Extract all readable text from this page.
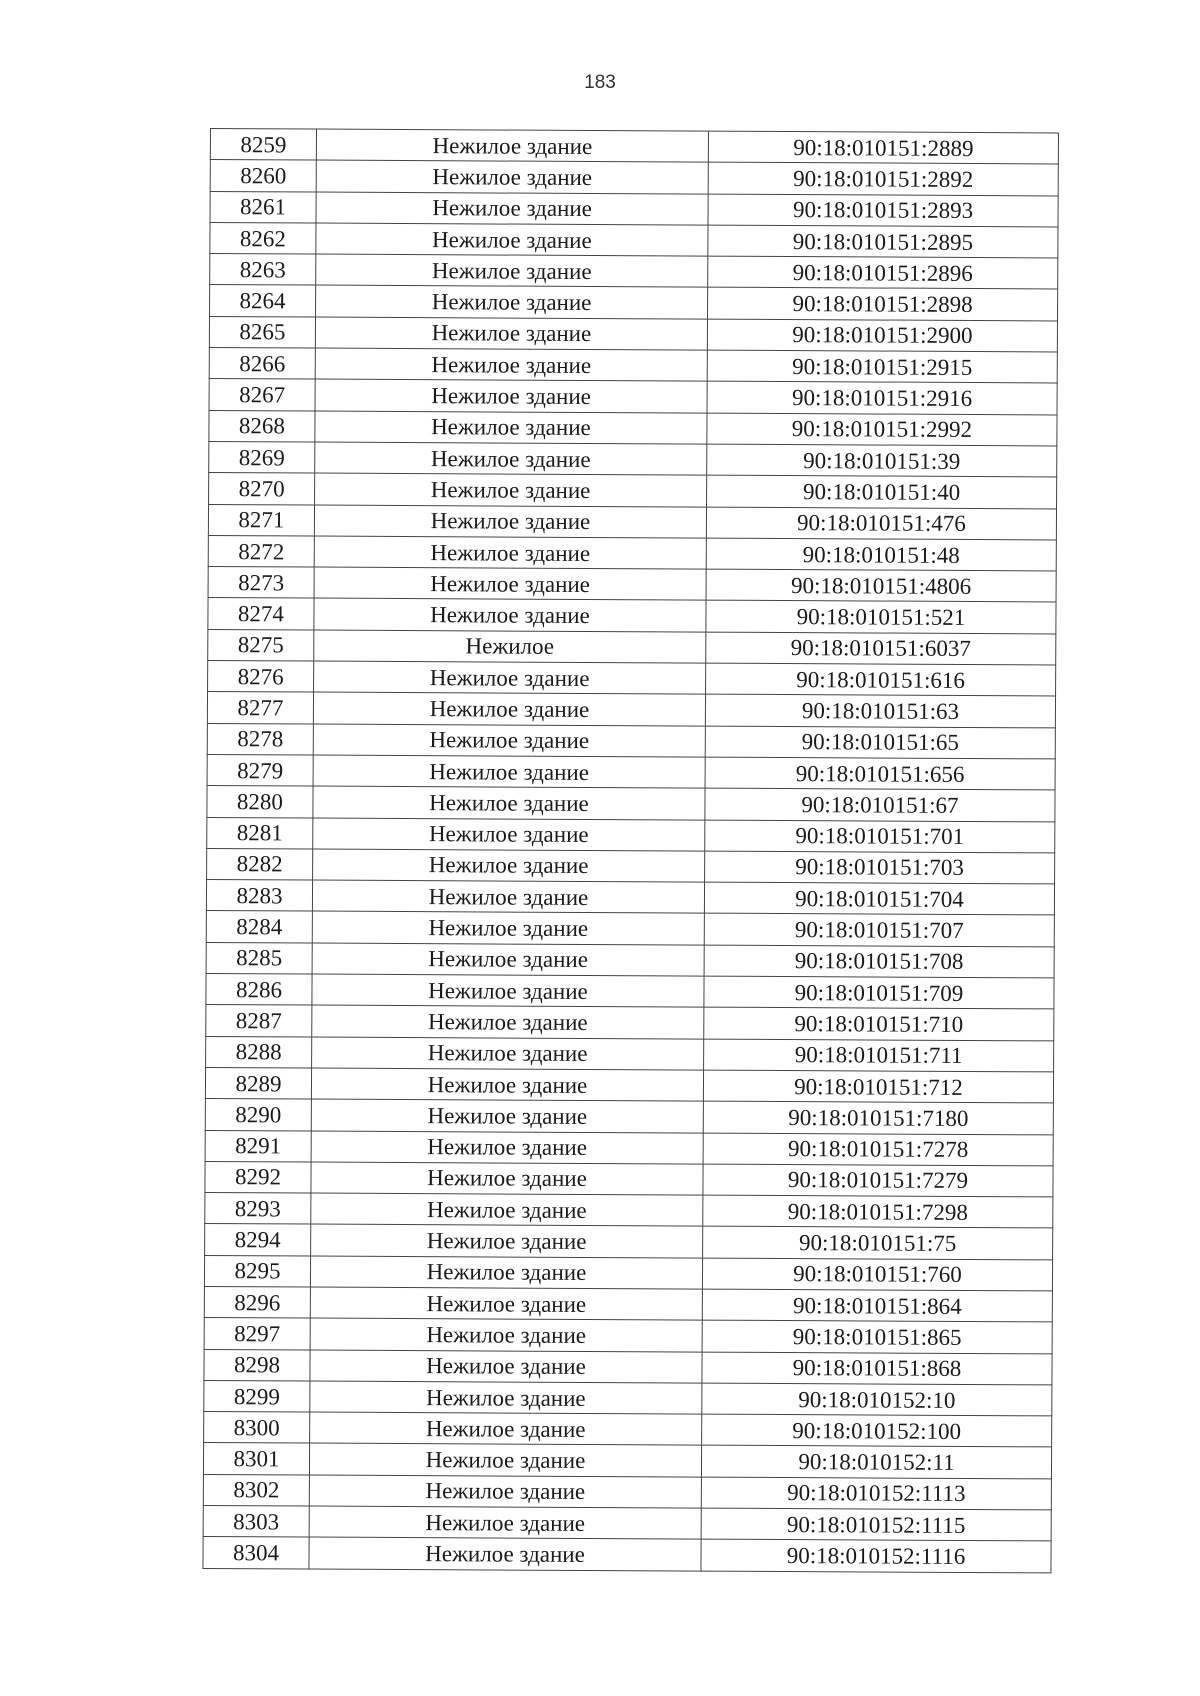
183
8259	Нежилое здание	90:18:010151:2889
8260	Нежилое здание	90:18:010151:2892
8261	Нежилое здание	90:18:010151:2893
8262	Нежилое здание	90:18:010151:2895
8263	Нежилое здание	90:18:010151:2896
8264	Нежилое здание	90:18:010151:2898
8265	Нежилое здание	90:18:010151:2900
8266	Нежилое здание	90:18:010151:2915
8267	Нежилое здание	90:18:010151:2916
8268	Нежилое здание	90:18:010151:2992
8269	Нежилое здание	90:18:010151:39
8270	Нежилое здание	90:18:010151:40
8271	Нежилое здание	90:18:010151:476
8272	Нежилое здание	90:18:010151:48
8273	Нежилое здание	90:18:010151:4806
8274	Нежилое здание	90:18:010151:521
8275	Нежилое	90:18:010151:6037
8276	Нежилое здание	90:18:010151:616
8277	Нежилое здание	90:18:010151:63
8278	Нежилое здание	90:18:010151:65
8279	Нежилое здание	90:18:010151:656
8280	Нежилое здание	90:18:010151:67
8281	Нежилое здание	90:18:010151:701
8282	Нежилое здание	90:18:010151:703
8283	Нежилое здание	90:18:010151:704
8284	Нежилое здание	90:18:010151:707
8285	Нежилое здание	90:18:010151:708
8286	Нежилое здание	90:18:010151:709
8287	Нежилое здание	90:18:010151:710
8288	Нежилое здание	90:18:010151:711
8289	Нежилое здание	90:18:010151:712
8290	Нежилое здание	90:18:010151:7180
8291	Нежилое здание	90:18:010151:7278
8292	Нежилое здание	90:18:010151:7279
8293	Нежилое здание	90:18:010151:7298
8294	Нежилое здание	90:18:010151:75
8295	Нежилое здание	90:18:010151:760
8296	Нежилое здание	90:18:010151:864
8297	Нежилое здание	90:18:010151:865
8298	Нежилое здание	90:18:010151:868
8299	Нежилое здание	90:18:010152:10
8300	Нежилое здание	90:18:010152:100
8301	Нежилое здание	90:18:010152:11
8302	Нежилое здание	90:18:010152:1113
8303	Нежилое здание	90:18:010152:1115
8304	Нежилое здание	90:18:010152:1116
